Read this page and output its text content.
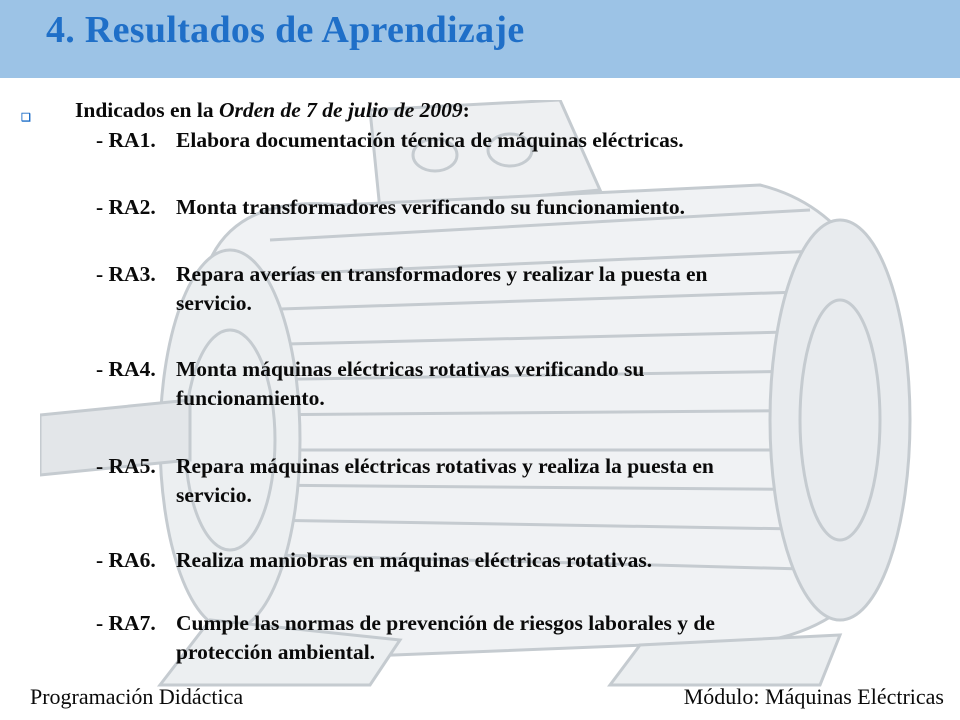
4. Resultados de Aprendizaje
❑ Indicados en la Orden de 7 de julio de 2009:
- RA1. Elabora documentación técnica de máquinas eléctricas.
- RA2. Monta transformadores verificando su funcionamiento.
- RA3. Repara averías en transformadores y realizar la puesta en
servicio.
- RA4. Monta máquinas eléctricas rotativas verificando su
funcionamiento.
- RA5. Repara máquinas eléctricas rotativas y realiza la puesta en
servicio.
- RA6. Realiza maniobras en máquinas eléctricas rotativas.
- RA7. Cumple las normas de prevención de riesgos laborales y de
protección ambiental.
Programación Didáctica	Módulo: Máquinas Eléctricas
